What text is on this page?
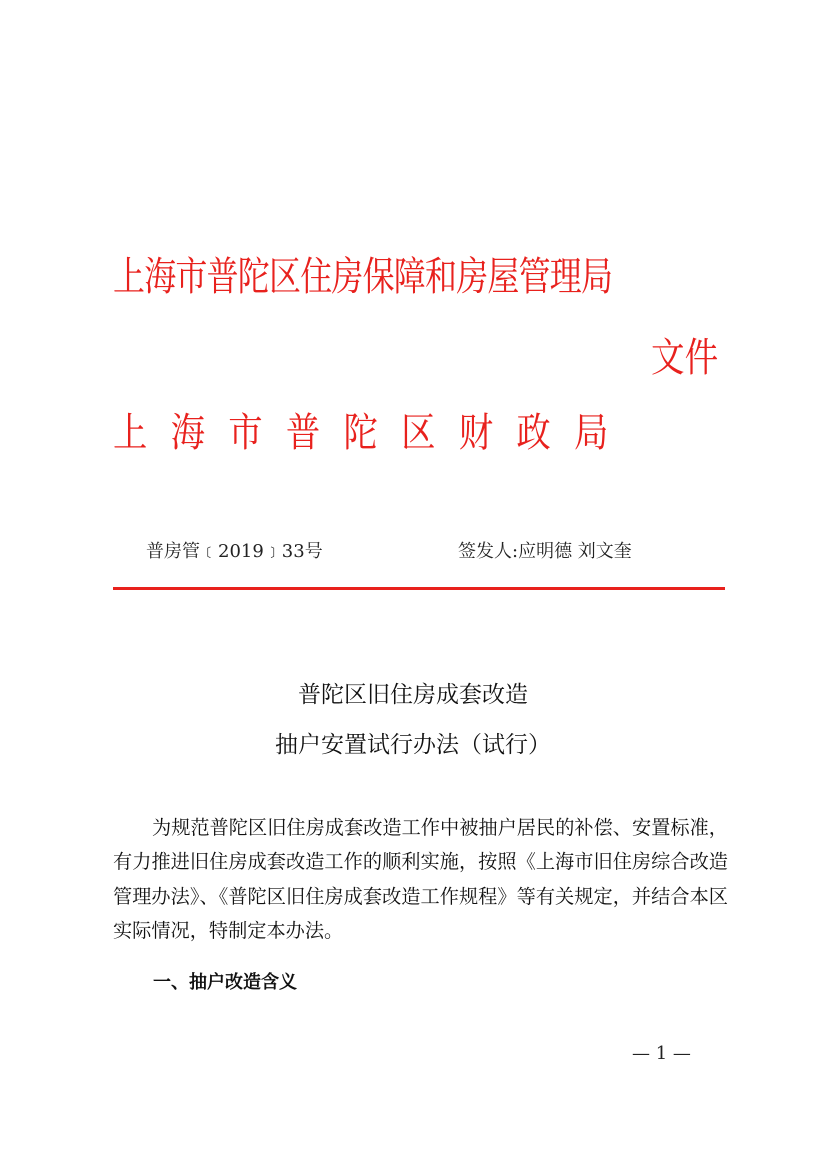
上海市普陀区住房保障和房屋管理局
文件
上海市普陀区财政局
普房管﹝2019﹞33号	签发人:应明德 刘文奎
普陀区旧住房成套改造
抽户安置试行办法（试行）

为规范普陀区旧住房成套改造工作中被抽户居民的补偿、安置标准，有力推进旧住房成套改造工作的顺利实施，按照《上海市旧住房综合改造管理办法》、《普陀区旧住房成套改造工作规程》等有关规定，并结合本区实际情况，特制定本办法。

一、抽户改造含义
— 1 —
